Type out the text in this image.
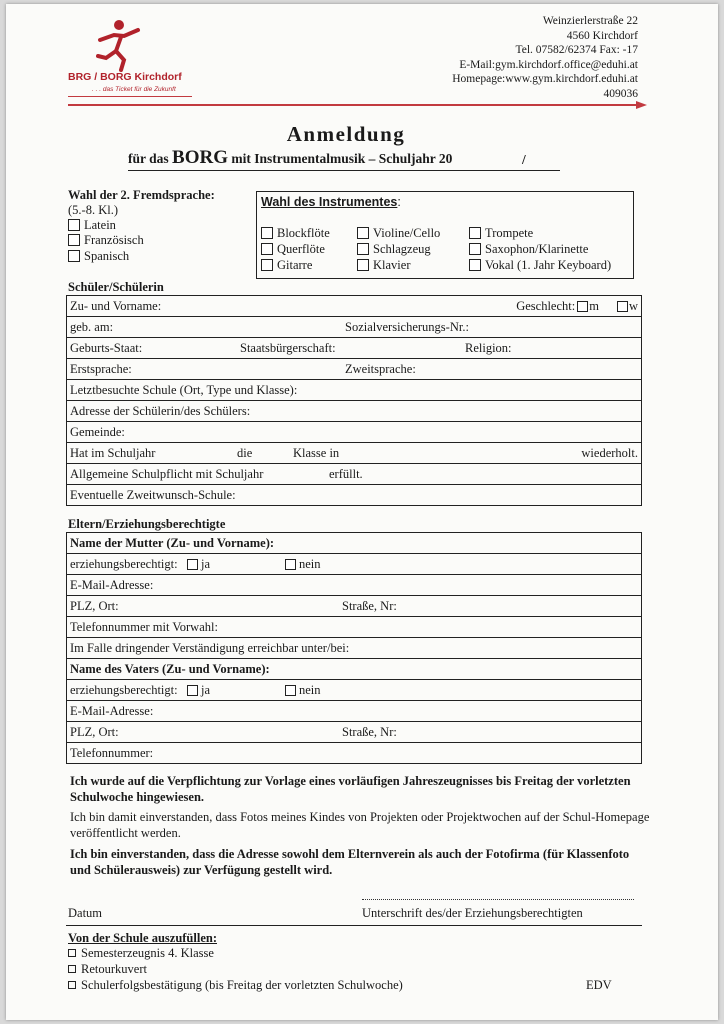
BRG / BORG Kirchdorf
. . . das Ticket für die Zukunft
Weinzierlerstraße 22
4560 Kirchdorf
Tel. 07582/62374 Fax: -17
E-Mail:gym.kirchdorf.office@eduhi.at
Homepage:www.gym.kirchdorf.eduhi.at
409036
Anmeldung
für das BORG mit Instrumentalmusik – Schuljahr 20	/
Wahl der 2. Fremdsprache:
(5.-8. Kl.)
Latein
Französisch
Spanisch
Wahl des Instrumentes:
Blockflöte
Querflöte
Gitarre
Violine/Cello
Schlagzeug
Klavier
Trompete
Saxophon/Klarinette
Vokal (1. Jahr Keyboard)
Schüler/Schülerin
Zu- und Vorname:	Geschlecht: m w

geb. am:	Sozialversicherungs-Nr.:

Geburts-Staat:	Staatsbürgerschaft:	Religion:

Erstsprache:	Zweitsprache:

Letztbesuchte Schule (Ort, Type und Klasse):
Adresse der Schülerin/des Schülers:
Gemeinde:
Hat im Schuljahr	die	Klasse in	wiederholt.

Allgemeine Schulpflicht mit Schuljahr	erfüllt.

Eventuelle Zweitwunsch-Schule:
Eltern/Erziehungsberechtigte
Name der Mutter (Zu- und Vorname):
erziehungsberechtigt:	ja	nein

E-Mail-Adresse:
PLZ, Ort:	Straße, Nr:

Telefonnummer mit Vorwahl:
Im Falle dringender Verständigung erreichbar unter/bei:
Name des Vaters (Zu- und Vorname):
erziehungsberechtigt:	ja	nein

E-Mail-Adresse:
PLZ, Ort:	Straße, Nr:

Telefonnummer:
Ich wurde auf die Verpflichtung zur Vorlage eines vorläufigen Jahreszeugnisses bis Freitag der vorletzten Schulwoche hingewiesen.
Ich bin damit einverstanden, dass Fotos meines Kindes von Projekten oder Projektwochen auf der Schul-Homepage veröffentlicht werden.
Ich bin einverstanden, dass die Adresse sowohl dem Elternverein als auch der Fotofirma (für Klassenfoto und Schülerausweis) zur Verfügung gestellt wird.
Datum	Unterschrift des/der Erziehungsberechtigten
Von der Schule auszufüllen:
Semesterzeugnis 4. Klasse
Retourkuvert
Schulerfolgsbestätigung (bis Freitag der vorletzten Schulwoche)	EDV
